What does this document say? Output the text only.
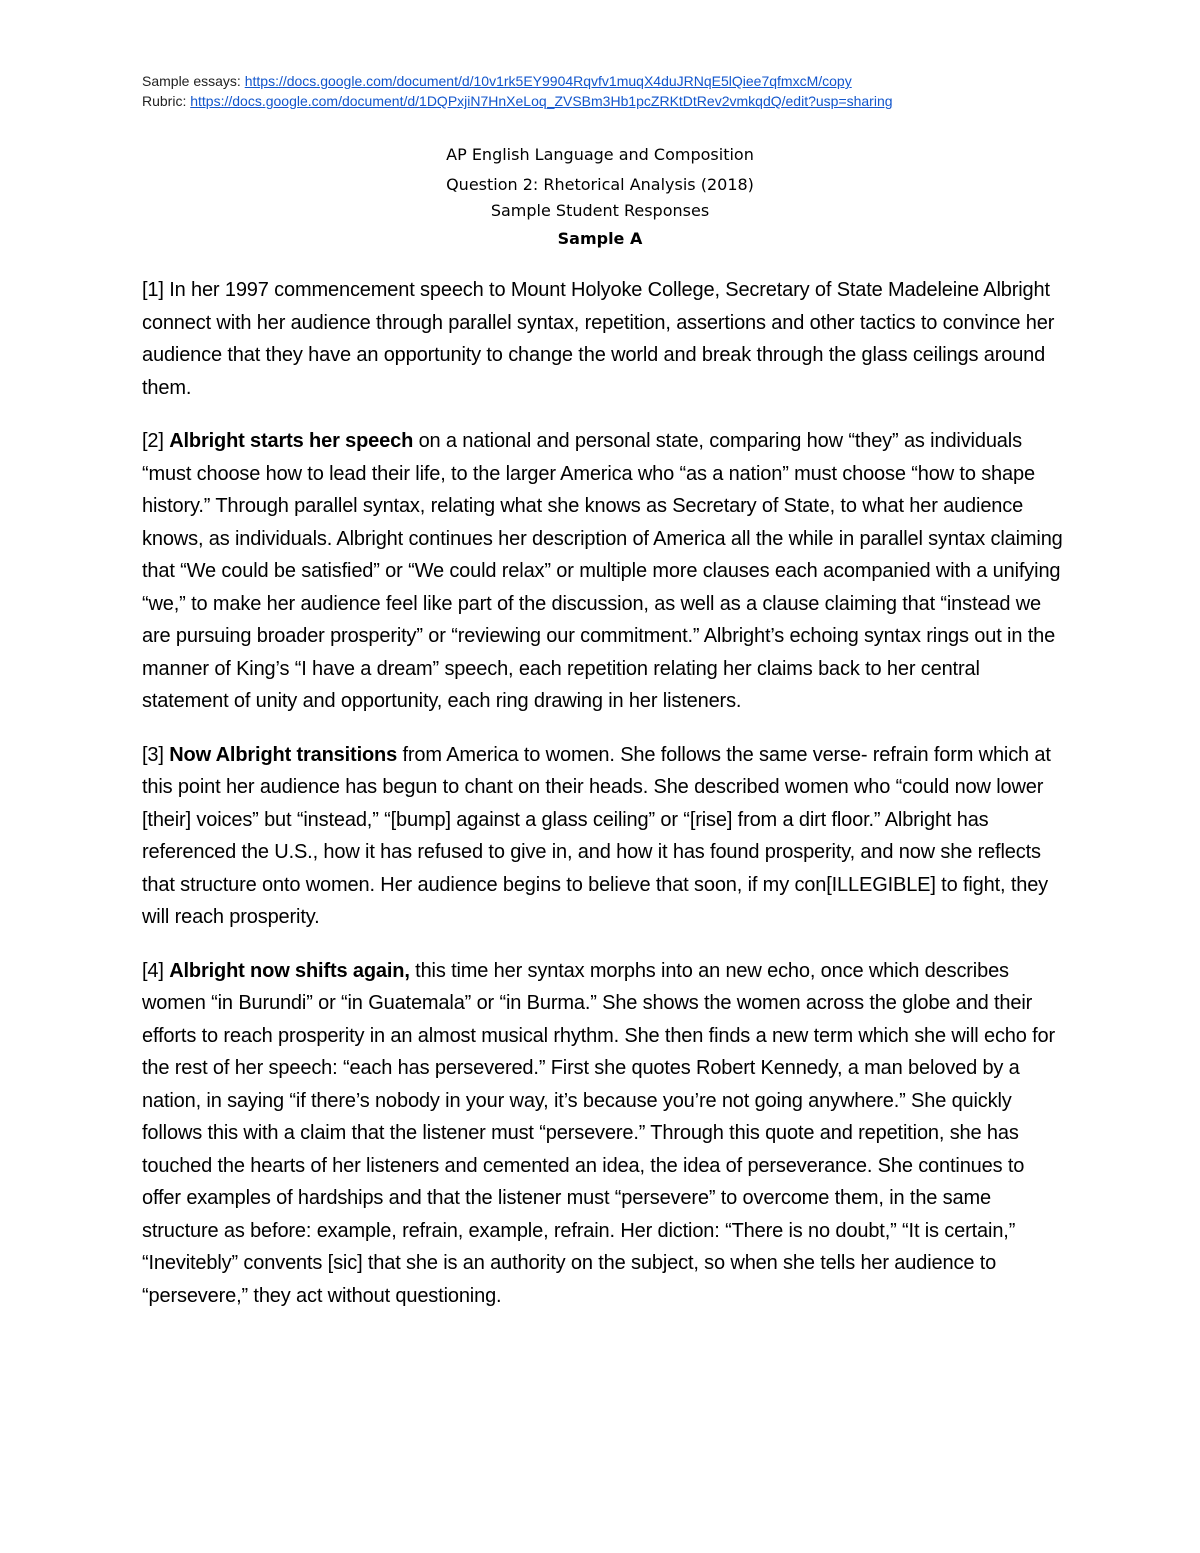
Sample essays: https://docs.google.com/document/d/10v1rk5EY9904Rqvfv1muqX4duJRNqE5lQiee7qfmxcM/copy
Rubric: https://docs.google.com/document/d/1DQPxjiN7HnXeLoq_ZVSBm3Hb1pcZRKtDtRev2vmkqdQ/edit?usp=sharing
AP English Language and Composition
Question 2: Rhetorical Analysis (2018)
Sample Student Responses
Sample A

[1] In her 1997 commencement speech to Mount Holyoke College, Secretary of State Madeleine Albright connect with her audience through parallel syntax, repetition, assertions and other tactics to convince her audience that they have an opportunity to change the world and break through the glass ceilings around them.

[2] Albright starts her speech on a national and personal state, comparing how “they” as individuals “must choose how to lead their life, to the larger America who “as a nation” must choose “how to shape history.” Through parallel syntax, relating what she knows as Secretary of State, to what her audience knows, as individuals. Albright continues her description of America all the while in parallel syntax claiming that “We could be satisfied” or “We could relax” or multiple more clauses each acompanied with a unifying “we,” to make her audience feel like part of the discussion, as well as a clause claiming that “instead we are pursuing broader prosperity” or “reviewing our commitment.” Albright’s echoing syntax rings out in the manner of King’s “I have a dream” speech, each repetition relating her claims back to her central statement of unity and opportunity, each ring drawing in her listeners.

[3] Now Albright transitions from America to women. She follows the same verse- refrain form which at this point her audience has begun to chant on their heads. She described women who “could now lower [their] voices” but “instead,” “[bump] against a glass ceiling” or “[rise] from a dirt floor.” Albright has referenced the U.S., how it has refused to give in, and how it has found prosperity, and now she reflects that structure onto women. Her audience begins to believe that soon, if my con[ILLEGIBLE] to fight, they will reach prosperity.

[4] Albright now shifts again, this time her syntax morphs into an new echo, once which describes women “in Burundi” or “in Guatemala” or “in Burma.” She shows the women across the globe and their efforts to reach prosperity in an almost musical rhythm. She then finds a new term which she will echo for the rest of her speech: “each has persevered.” First she quotes Robert Kennedy, a man beloved by a nation, in saying “if there’s nobody in your way, it’s because you’re not going anywhere.” She quickly follows this with a claim that the listener must “persevere.” Through this quote and repetition, she has touched the hearts of her listeners and cemented an idea, the idea of perseverance. She continues to offer examples of hardships and that the listener must “persevere” to overcome them, in the same structure as before: example, refrain, example, refrain. Her diction: “There is no doubt,” “It is certain,” “Inevitebly” convents [sic] that she is an authority on the subject, so when she tells her audience to “persevere,” they act without questioning.
